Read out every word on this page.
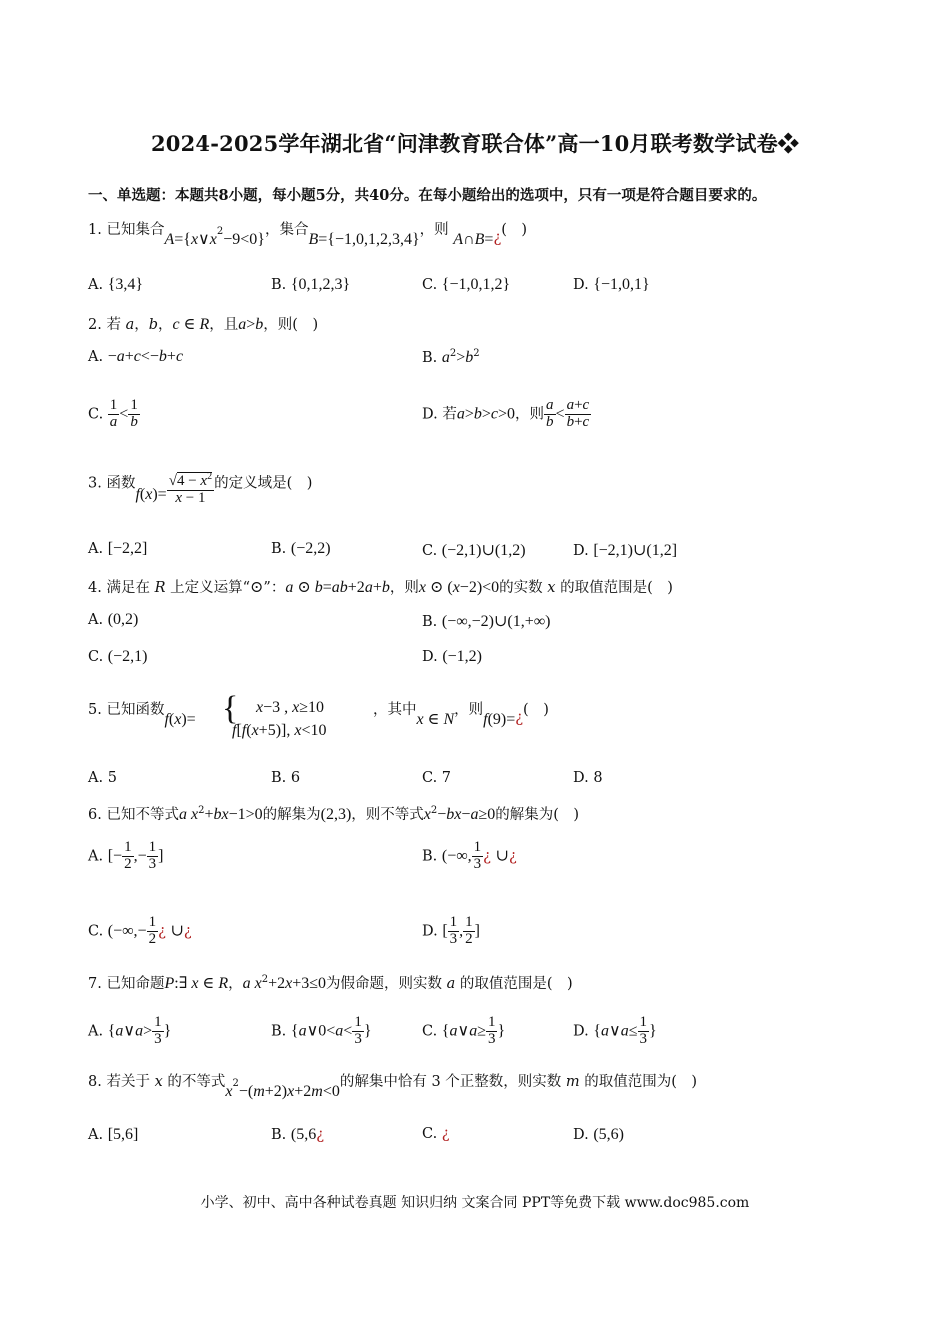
2024-2025学年湖北省“问津教育联合体”高一10月联考数学试卷❖
一、单选题：本题共8小题，每小题5分，共40分。在每小题给出的选项中，只有一项是符合题目要求的。
1. 已知集合$A=\{x\vee x^2-9<0\}$，集合B={−1,0,1,2,3,4}，则 A∩B=¿(　)
A. {3,4}	B. {0,1,2,3}	C. {−1,0,1,2}	D. {−1,0,1}
2. 若 a，b，c ∈ R，且a>b，则(　)
A. −a+c<−b+c	B. $a^2>b^2$
C. $\frac{1}{a} < \frac{1}{b}$	D. 若a>b>c>0，则 $\frac{a}{b} < \frac{a+c}{b+c}$
3. 函数$f(x)= \frac{√4 - x^2}{x - 1}$ 的定义域是(　)
A. [−2,2]	B. (−2,2)	C. (−2,1)∪(1,2)	D. [−2,1)∪(1,2]
4. 满足在 R 上定义运算“⊙”：a ⊙ b=ab+2a+b，则x ⊙ (x−2)<0的实数 x 的取值范围是(　)
A. (0,2)	B. (−∞,−2)∪(1,+∞)
C. (−2,1)	D. (−1,2)
5. 已知函数f(x)= { x−3 , x≥10
f[f(x+5)], x<10
，其中x ∈ N，则f(9)=¿(　)
A. 5	B. 6	C. 7	D. 8
6. 已知不等式a $x^2+bx-1>0$的解集为(2,3)，则不等式$x^2-bx-a\ge 0$的解集为(　)
A. [− $\frac{1}{2}$ ,− $\frac{1}{3}$ ]	B. (−∞, $\frac{1}{3}$ ¿ ∪¿
C. (−∞,− $\frac{1}{2}$ ¿ ∪¿	D. [ $\frac{1}{3}$ , $\frac{1}{2}$ ]
7. 已知命题P:∃ x ∈ R，a $x^2+2x+3\le 0$为假命题，则实数 a 的取值范围是(　)
A. {a∨a> $\frac{1}{3}$ }	B. {a∨0<a< $\frac{1}{3}$ }	C. {a∨a≥ $\frac{1}{3}$ }	D. {a∨a≤ $\frac{1}{3}$ }
8. 若关于 x 的不等式$x^2-(m+2)x+2m<0$的解集中恰有 3 个正整数，则实数 m 的取值范围为(　)
A. [5,6]	B. (5,6¿	C. ¿	D. (5,6)
小学、初中、高中各种试卷真题 知识归纳 文案合同 PPT等免费下载 www.doc985.com
